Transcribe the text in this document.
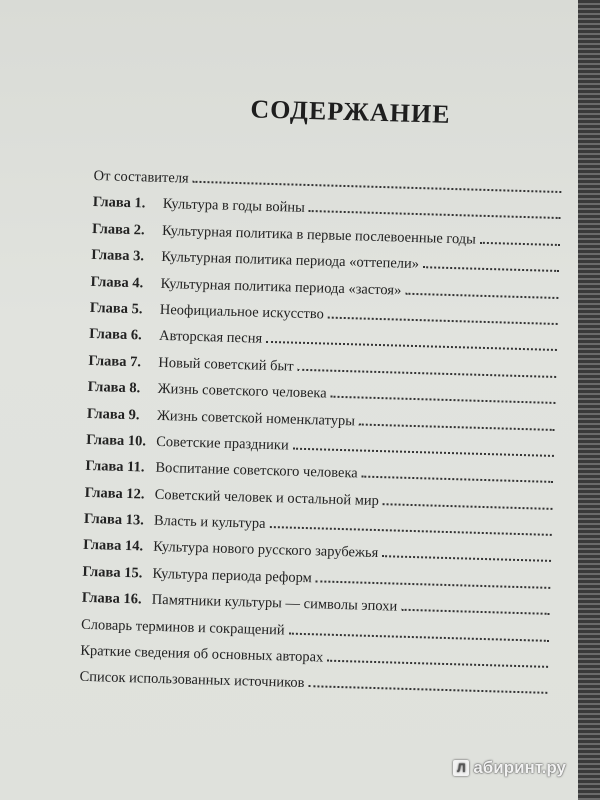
СОДЕРЖАНИЕ
От составителя
Глава 1.	Культура в годы войны
Глава 2.	Культурная политика в первые послевоенные годы
Глава 3.	Культурная политика периода «оттепели»
Глава 4.	Культурная политика периода «застоя»
Глава 5.	Неофициальное искусство
Глава 6.	Авторская песня
Глава 7.	Новый советский быт
Глава 8.	Жизнь советского человека
Глава 9.	Жизнь советской номенклатуры
Глава 10. Советские праздники
Глава 11. Воспитание советского человека
Глава 12. Советский человек и остальной мир
Глава 13. Власть и культура
Глава 14. Культура нового русского зарубежья
Глава 15. Культура периода реформ
Глава 16. Памятники культуры — символы эпохи
Словарь терминов и сокращений
Краткие сведения об основных авторах
Список использованных источников
Л абиринт.ру
